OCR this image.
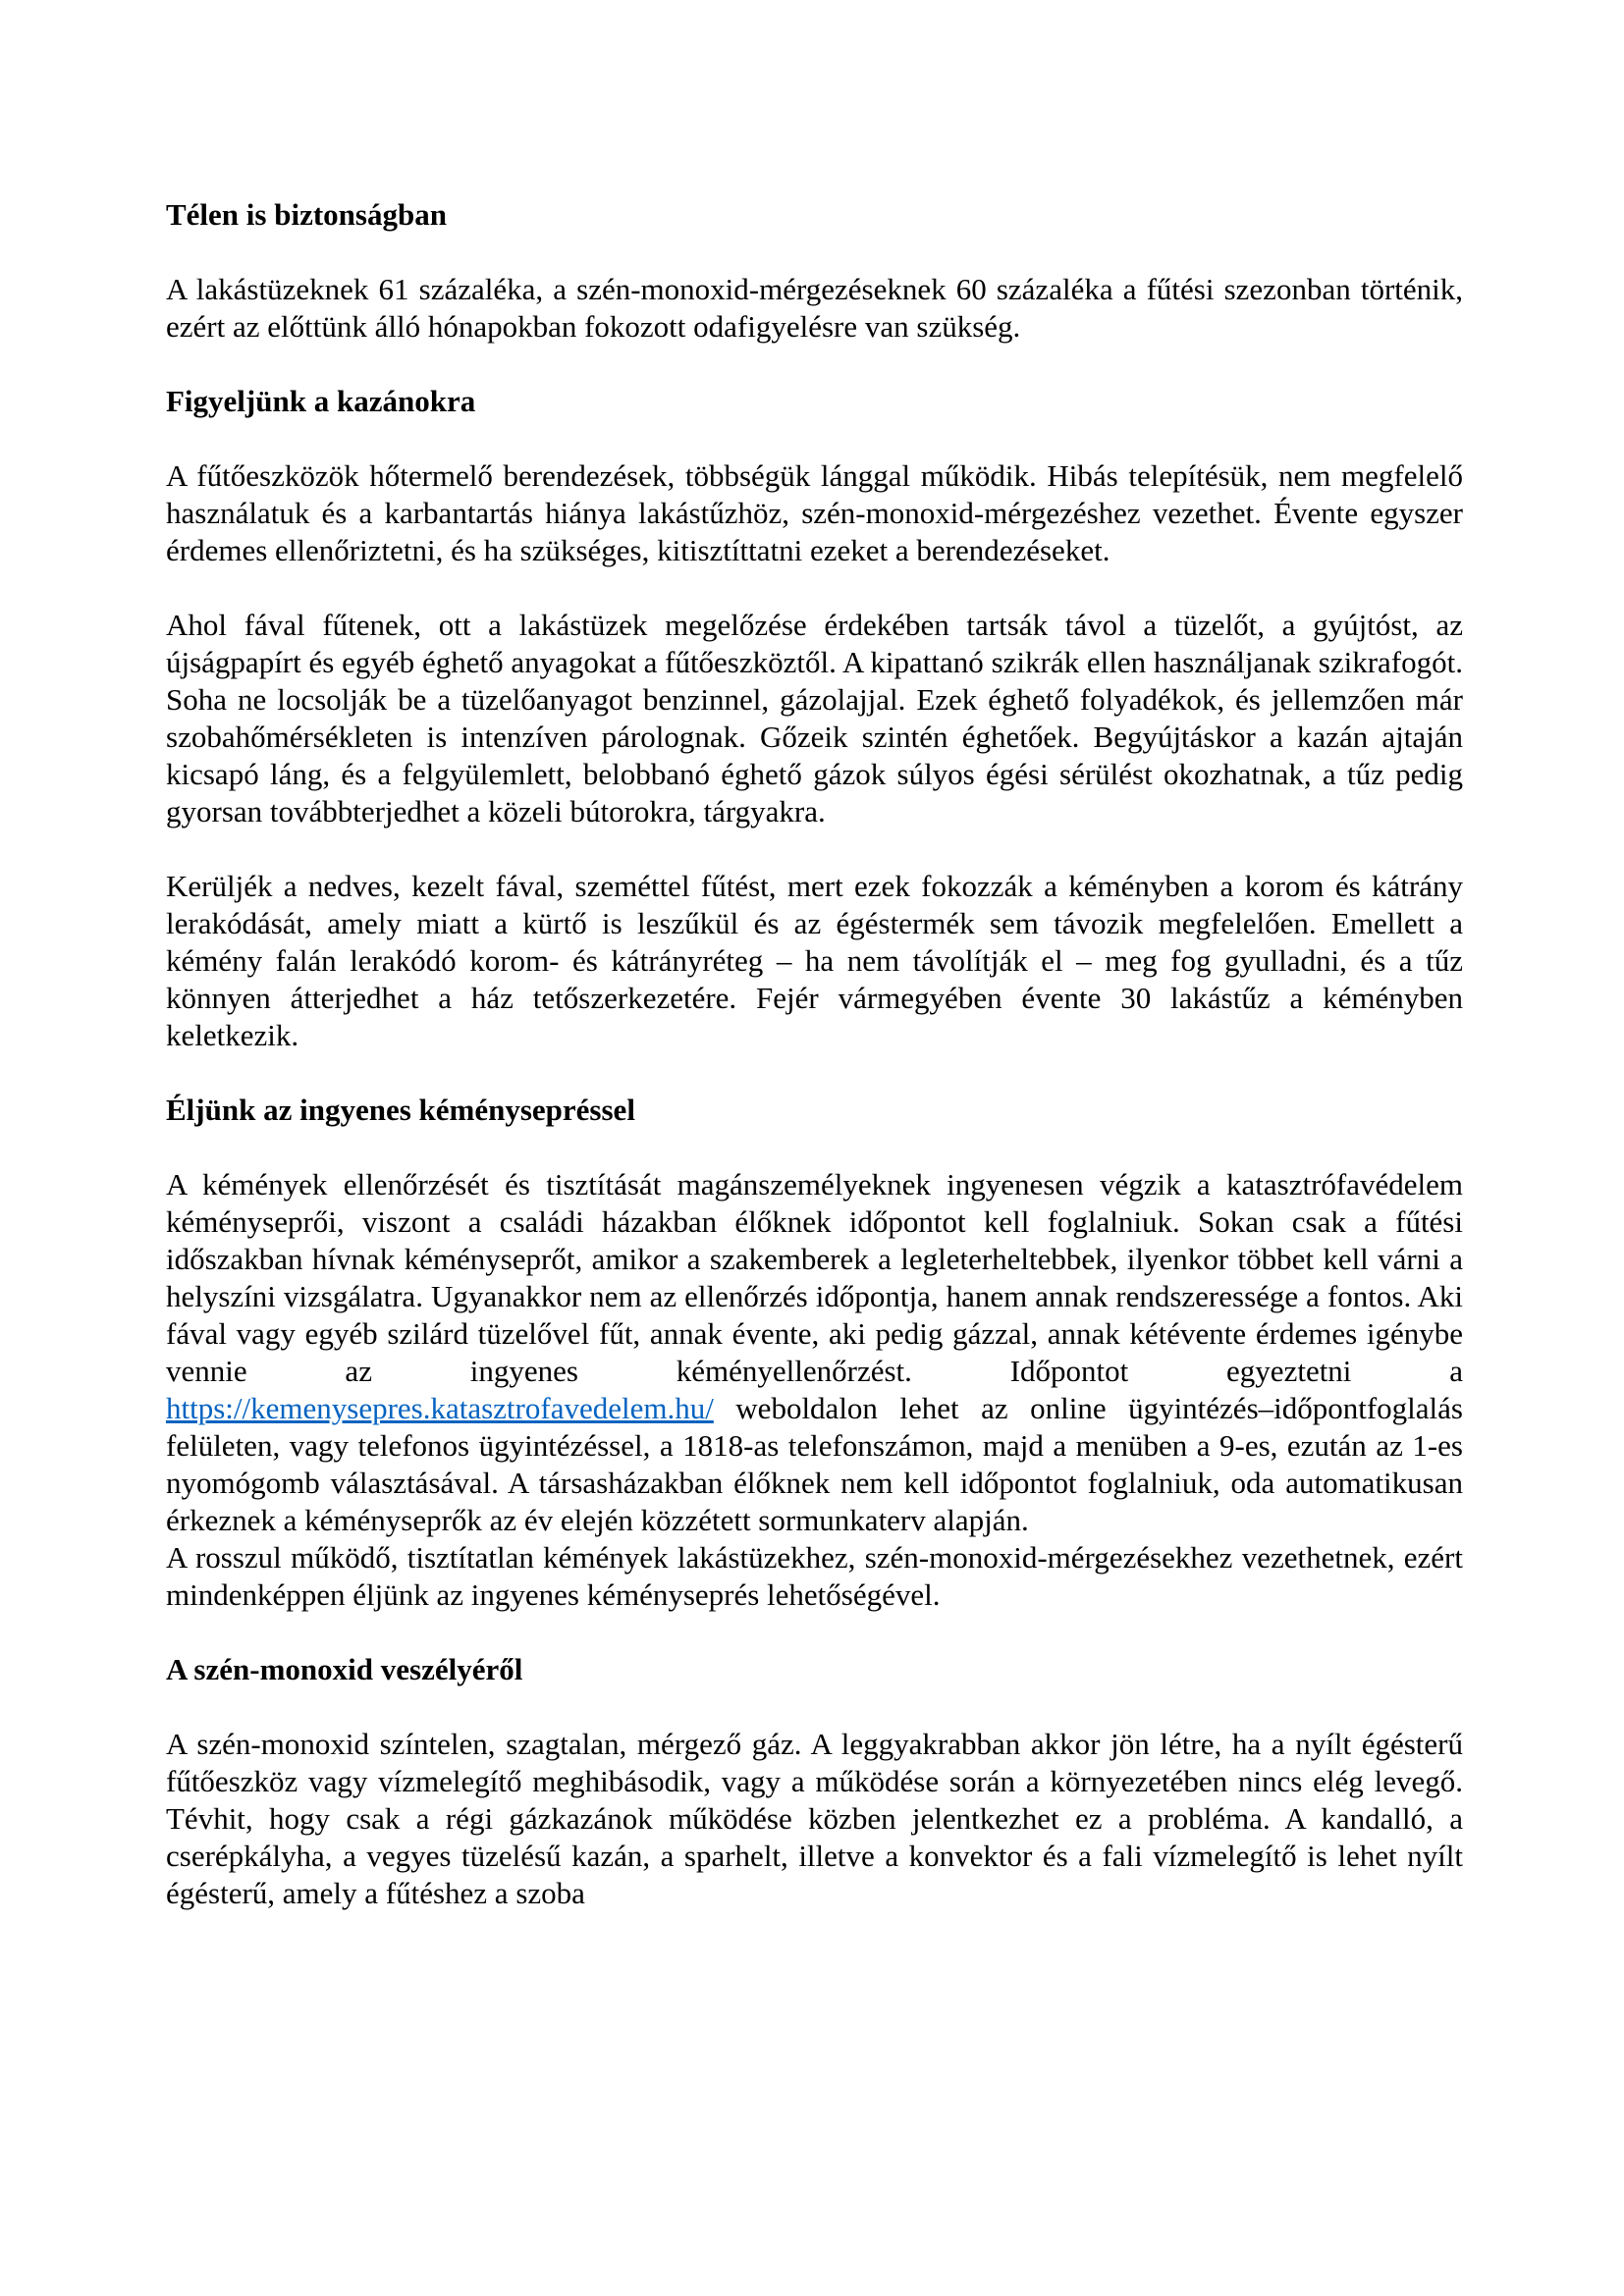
Télen is biztonságban

A lakástüzeknek 61 százaléka, a szén-monoxid-mérgezéseknek 60 százaléka a fűtési szezonban történik, ezért az előttünk álló hónapokban fokozott odafigyelésre van szükség.

Figyeljünk a kazánokra

A fűtőeszközök hőtermelő berendezések, többségük lánggal működik. Hibás telepítésük, nem megfelelő használatuk és a karbantartás hiánya lakástűzhöz, szén-monoxid-mérgezéshez vezethet. Évente egyszer érdemes ellenőriztetni, és ha szükséges, kitisztíttatni ezeket a berendezéseket.

Ahol fával fűtenek, ott a lakástüzek megelőzése érdekében tartsák távol a tüzelőt, a gyújtóst, az újságpapírt és egyéb éghető anyagokat a fűtőeszköztől. A kipattanó szikrák ellen használjanak szikrafogót. Soha ne locsolják be a tüzelőanyagot benzinnel, gázolajjal. Ezek éghető folyadékok, és jellemzően már szobahőmérsékleten is intenzíven párolognak. Gőzeik szintén éghetőek. Begyújtáskor a kazán ajtaján kicsapó láng, és a felgyülemlett, belobbanó éghető gázok súlyos égési sérülést okozhatnak, a tűz pedig gyorsan továbbterjedhet a közeli bútorokra, tárgyakra.

Kerüljék a nedves, kezelt fával, szeméttel fűtést, mert ezek fokozzák a kéményben a korom és kátrány lerakódását, amely miatt a kürtő is leszűkül és az égéstermék sem távozik megfelelően. Emellett a kémény falán lerakódó korom- és kátrányréteg – ha nem távolítják el – meg fog gyulladni, és a tűz könnyen átterjedhet a ház tetőszerkezetére. Fejér vármegyében évente 30 lakástűz a kéményben keletkezik.

Éljünk az ingyenes kéménysepréssel

A kémények ellenőrzését és tisztítását magánszemélyeknek ingyenesen végzik a katasztrófavédelem kéményseprői, viszont a családi házakban élőknek időpontot kell foglalniuk. Sokan csak a fűtési időszakban hívnak kéményseprőt, amikor a szakemberek a legleterheltebbek, ilyenkor többet kell várni a helyszíni vizsgálatra. Ugyanakkor nem az ellenőrzés időpontja, hanem annak rendszeressége a fontos. Aki fával vagy egyéb szilárd tüzelővel fűt, annak évente, aki pedig gázzal, annak kétévente érdemes igénybe vennie az ingyenes kéményellenőrzést. Időpontot egyeztetni a https://kemenysepres.katasztrofavedelem.hu/ weboldalon lehet az online ügyintézés–időpontfoglalás felületen, vagy telefonos ügyintézéssel, a 1818-as telefonszámon, majd a menüben a 9-es, ezután az 1-es nyomógomb választásával. A társasházakban élőknek nem kell időpontot foglalniuk, oda automatikusan érkeznek a kéményseprők az év elején közzétett sormunkaterv alapján.

A rosszul működő, tisztítatlan kémények lakástüzekhez, szén-monoxid-mérgezésekhez vezethetnek, ezért mindenképpen éljünk az ingyenes kéményseprés lehetőségével.

A szén-monoxid veszélyéről

A szén-monoxid színtelen, szagtalan, mérgező gáz. A leggyakrabban akkor jön létre, ha a nyílt égésterű fűtőeszköz vagy vízmelegítő meghibásodik, vagy a működése során a környezetében nincs elég levegő. Tévhit, hogy csak a régi gázkazánok működése közben jelentkezhet ez a probléma. A kandalló, a cserépkályha, a vegyes tüzelésű kazán, a sparhelt, illetve a konvektor és a fali vízmelegítő is lehet nyílt égésterű, amely a fűtéshez a szoba
